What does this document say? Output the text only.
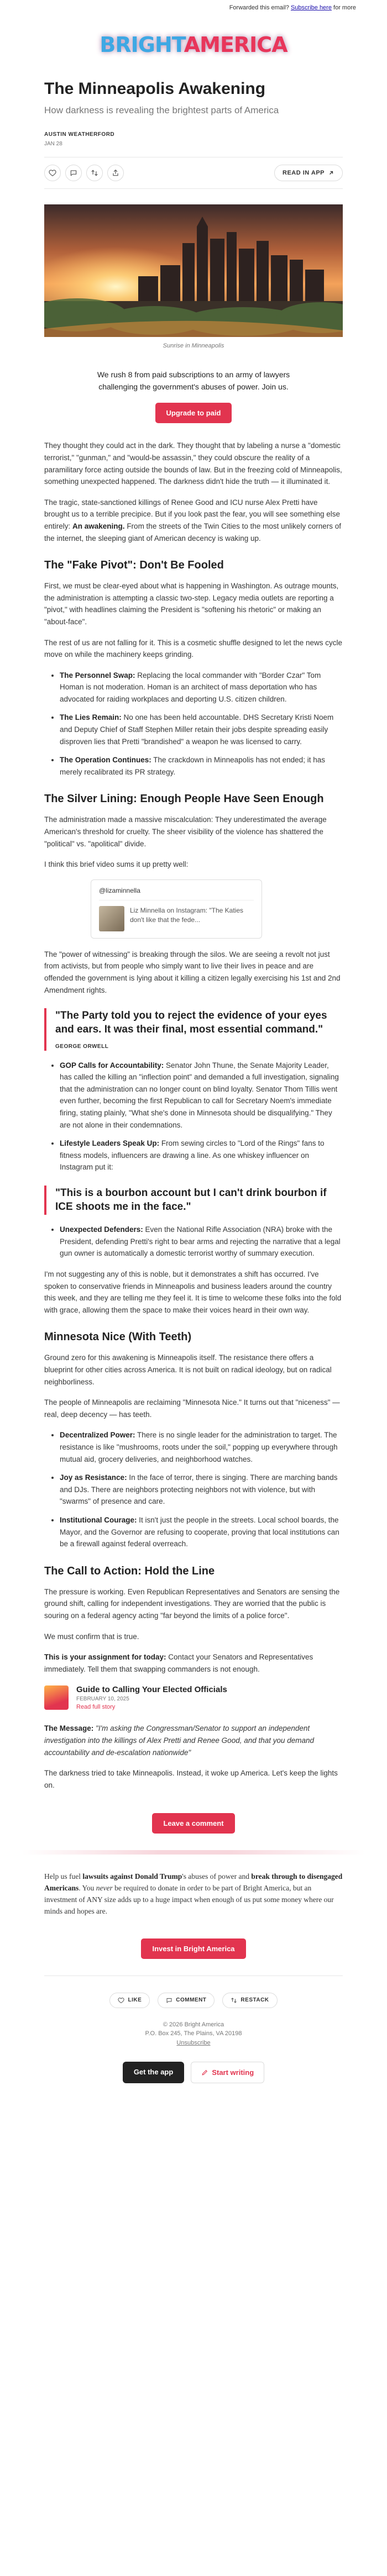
Forwarded this email? Subscribe here for more
BRIGHTAMERICA
The Minneapolis Awakening
How darkness is revealing the brightest parts of America
AUSTIN WEATHERFORD
JAN 28
READ IN APP
Sunrise in Minneapolis

We rush 8 from paid subscriptions to an army of lawyers challenging the government's abuses of power. Join us.

Upgrade to paid

They thought they could act in the dark. They thought that by labeling a nurse a "domestic terrorist," "gunman," and "would-be assassin," they could obscure the reality of a paramilitary force acting outside the bounds of law. But in the freezing cold of Minneapolis, something unexpected happened. The darkness didn't hide the truth — it illuminated it.

The tragic, state-sanctioned killings of Renee Good and ICU nurse Alex Pretti have brought us to a terrible precipice. But if you look past the fear, you will see something else entirely: An awakening. From the streets of the Twin Cities to the most unlikely corners of the internet, the sleeping giant of American decency is waking up.

The "Fake Pivot": Don't Be Fooled

First, we must be clear-eyed about what is happening in Washington. As outrage mounts, the administration is attempting a classic two-step. Legacy media outlets are reporting a "pivot," with headlines claiming the President is "softening his rhetoric" or making an "about-face".

The rest of us are not falling for it. This is a cosmetic shuffle designed to let the news cycle move on while the machinery keeps grinding.

• The Personnel Swap: Replacing the local commander with "Border Czar" Tom Homan is not moderation. Homan is an architect of mass deportation who has advocated for raiding workplaces and deporting U.S. citizen children.
• The Lies Remain: No one has been held accountable. DHS Secretary Kristi Noem and Deputy Chief of Staff Stephen Miller retain their jobs despite spreading easily disproven lies that Pretti "brandished" a weapon he was licensed to carry.
• The Operation Continues: The crackdown in Minneapolis has not ended; it has merely recalibrated its PR strategy.
The Silver Lining: Enough People Have Seen Enough

The administration made a massive miscalculation: They underestimated the average American's threshold for cruelty. The sheer visibility of the violence has shattered the "political" vs. "apolitical" divide.

I think this brief video sums it up pretty well:

@lizaminnella
Liz Minnella on Instagram: "The Katies don't like that the fede...

The "power of witnessing" is breaking through the silos. We are seeing a revolt not just from activists, but from people who simply want to live their lives in peace and are offended the government is lying about it killing a citizen legally exercising his 1st and 2nd Amendment rights.

"The Party told you to reject the evidence of your eyes and ears. It was their final, most essential command."
GEORGE ORWELL
• GOP Calls for Accountability: Senator John Thune, the Senate Majority Leader, has called the killing an "inflection point" and demanded a full investigation, signaling that the administration can no longer count on blind loyalty. Senator Thom Tillis went even further, becoming the first Republican to call for Secretary Noem's immediate firing, stating plainly, "What she's done in Minnesota should be disqualifying." They are not alone in their condemnations.
• Lifestyle Leaders Speak Up: From sewing circles to "Lord of the Rings" fans to fitness models, influencers are drawing a line. As one whiskey influencer on Instagram put it:
"This is a bourbon account but I can't drink bourbon if ICE shoots me in the face."
• Unexpected Defenders: Even the National Rifle Association (NRA) broke with the President, defending Pretti's right to bear arms and rejecting the narrative that a legal gun owner is automatically a domestic terrorist worthy of summary execution.

I'm not suggesting any of this is noble, but it demonstrates a shift has occurred. I've spoken to conservative friends in Minneapolis and business leaders around the country this week, and they are telling me they feel it. It is time to welcome these folks into the fold with grace, allowing them the space to make their voices heard in their own way.

Minnesota Nice (With Teeth)

Ground zero for this awakening is Minneapolis itself. The resistance there offers a blueprint for other cities across America. It is not built on radical ideology, but on radical neighborliness.

The people of Minneapolis are reclaiming "Minnesota Nice." It turns out that "niceness" — real, deep decency — has teeth.

• Decentralized Power: There is no single leader for the administration to target. The resistance is like "mushrooms, roots under the soil," popping up everywhere through mutual aid, grocery deliveries, and neighborhood watches.
• Joy as Resistance: In the face of terror, there is singing. There are marching bands and DJs. There are neighbors protecting neighbors not with violence, but with "swarms" of presence and care.
• Institutional Courage: It isn't just the people in the streets. Local school boards, the Mayor, and the Governor are refusing to cooperate, proving that local institutions can be a firewall against federal overreach.
The Call to Action: Hold the Line

The pressure is working. Even Republican Representatives and Senators are sensing the ground shift, calling for independent investigations. They are worried that the public is souring on a federal agency acting "far beyond the limits of a police force".

We must confirm that is true.

This is your assignment for today: Contact your Senators and Representatives immediately. Tell them that swapping commanders is not enough.

Guide to Calling Your Elected Officials
FEBRUARY 10, 2025
Read full story

The Message: "I'm asking the Congressman/Senator to support an independent investigation into the killings of Alex Pretti and Renee Good, and that you demand accountability and de-escalation nationwide"

The darkness tried to take Minneapolis. Instead, it woke up America. Let's keep the lights on.

Leave a comment

Help us fuel lawsuits against Donald Trump's abuses of power and break through to disengaged Americans. You never be required to donate in order to be part of Bright America, but an investment of ANY size adds up to a huge impact when enough of us put some money where our minds and hopes are.

Invest in Bright America
LIKE	COMMENT	RESTACK
© 2026 Bright America
P.O. Box 245, The Plains, VA 20198
Unsubscribe
Get the app	Start writing
